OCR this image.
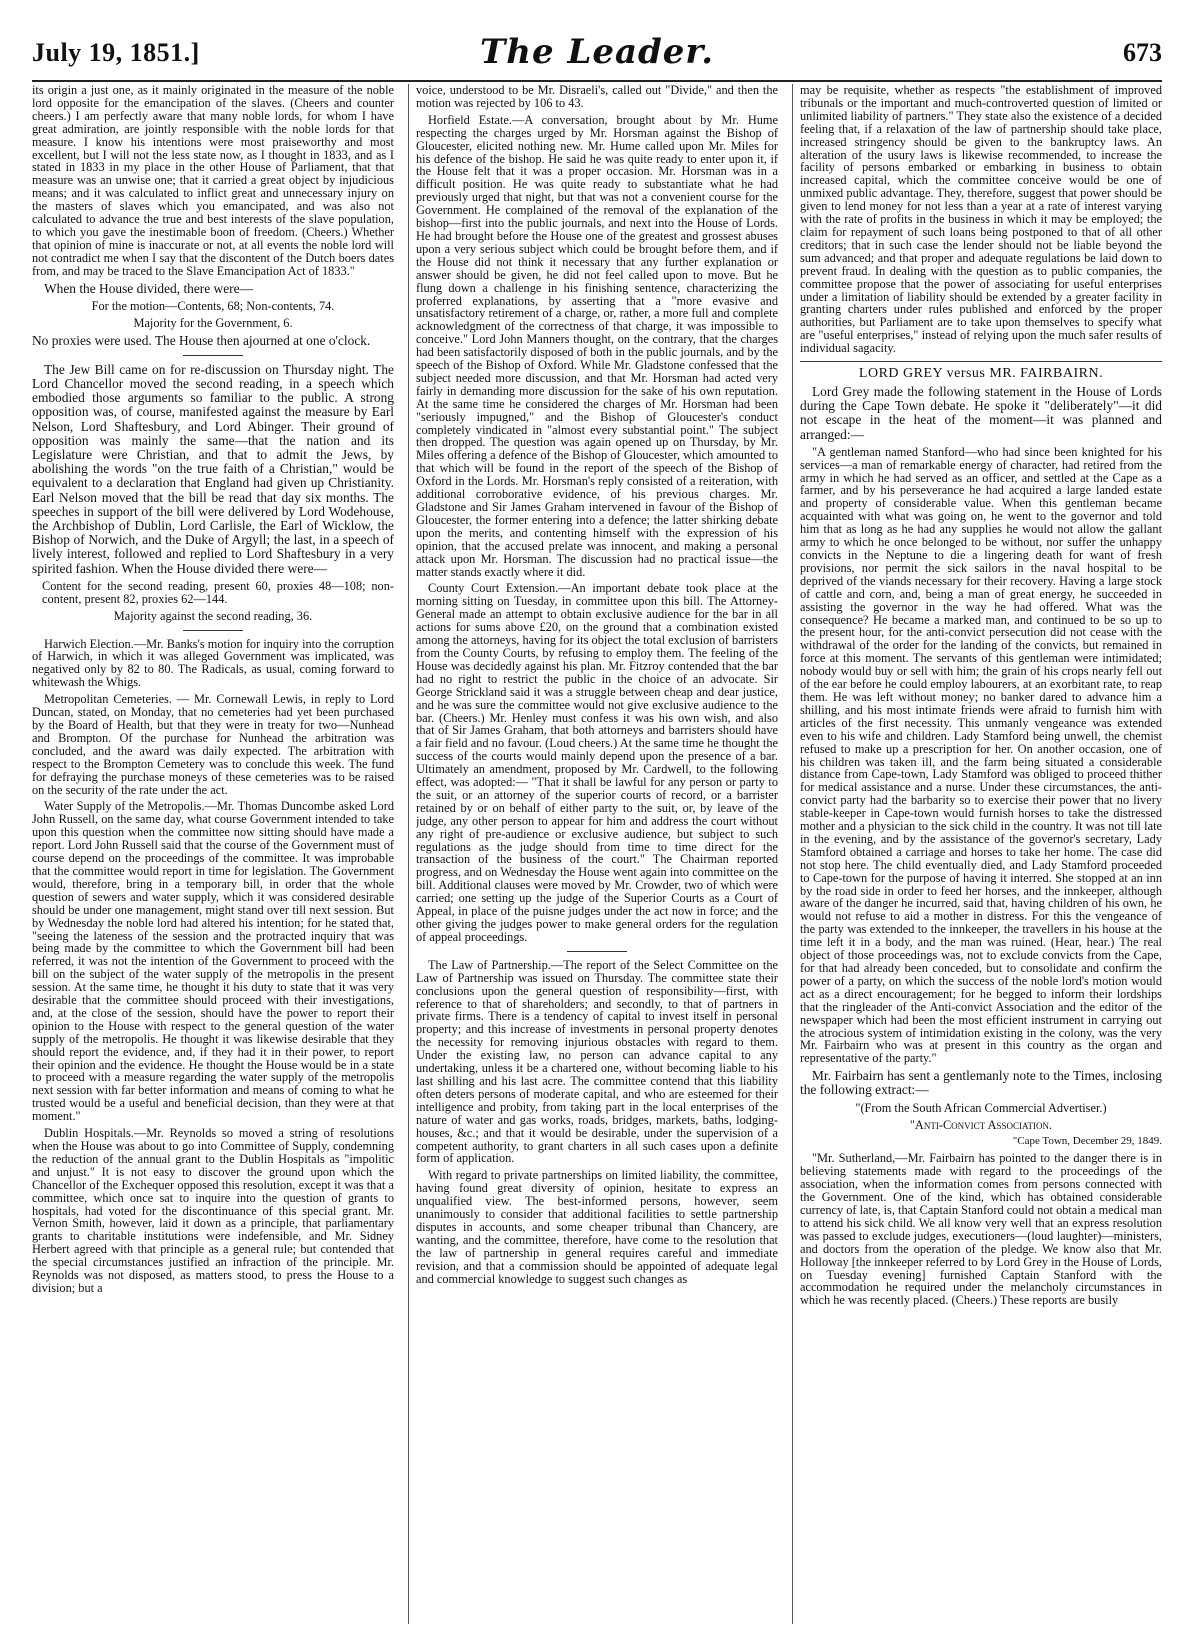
July 19, 1851.]	The Leader.	673

its origin a just one, as it mainly originated in the measure of the noble lord opposite for the emancipation of the slaves. (Cheers and counter cheers.) I am perfectly aware that many noble lords, for whom I have great admiration, are jointly responsible with the noble lords for that measure. I know his intentions were most praiseworthy and most excellent, but I will not the less state now, as I thought in 1833, and as I stated in 1833 in my place in the other House of Parliament, that that measure was an unwise one; that it carried a great object by injudicious means; and it was calculated to inflict great and unnecessary injury on the masters of slaves which you emancipated, and was also not calculated to advance the true and best interests of the slave population, to which you gave the inestimable boon of freedom. (Cheers.) Whether that opinion of mine is inaccurate or not, at all events the noble lord will not contradict me when I say that the discontent of the Dutch boers dates from, and may be traced to the Slave Emancipation Act of 1833."

When the House divided, there were—

For the motion—Contents, 68; Non-contents, 74.

Majority for the Government, 6.

No proxies were used. The House then ajourned at one o'clock.

The Jew Bill came on for re-discussion on Thursday night. The Lord Chancellor moved the second reading, in a speech which embodied those arguments so familiar to the public. A strong opposition was, of course, manifested against the measure by Earl Nelson, Lord Shaftesbury, and Lord Abinger. Their ground of opposition was mainly the same—that the nation and its Legislature were Christian, and that to admit the Jews, by abolishing the words "on the true faith of a Christian," would be equivalent to a declaration that England had given up Christianity. Earl Nelson moved that the bill be read that day six months. The speeches in support of the bill were delivered by Lord Wodehouse, the Archbishop of Dublin, Lord Carlisle, the Earl of Wicklow, the Bishop of Norwich, and the Duke of Argyll; the last, in a speech of lively interest, followed and replied to Lord Shaftesbury in a very spirited fashion. When the House divided there were—

Content for the second reading, present 60, proxies 48—108; non-content, present 82, proxies 62—144.

Majority against the second reading, 36.

Harwich Election.—Mr. Banks's motion for inquiry into the corruption of Harwich, in which it was alleged Government was implicated, was negatived only by 82 to 80. The Radicals, as usual, coming forward to whitewash the Whigs.

Metropolitan Cemeteries. — Mr. Cornewall Lewis, in reply to Lord Duncan, stated, on Monday, that no cemeteries had yet been purchased by the Board of Health, but that they were in treaty for two—Nunhead and Brompton. Of the purchase for Nunhead the arbitration was concluded, and the award was daily expected. The arbitration with respect to the Brompton Cemetery was to conclude this week. The fund for defraying the purchase moneys of these cemeteries was to be raised on the security of the rate under the act.

Water Supply of the Metropolis.—Mr. Thomas Duncombe asked Lord John Russell, on the same day, what course Government intended to take upon this question when the committee now sitting should have made a report. Lord John Russell said that the course of the Government must of course depend on the proceedings of the committee. It was improbable that the committee would report in time for legislation. The Government would, therefore, bring in a temporary bill, in order that the whole question of sewers and water supply, which it was considered desirable should be under one management, might stand over till next session. But by Wednesday the noble lord had altered his intention; for he stated that, "seeing the lateness of the session and the protracted inquiry that was being made by the committee to which the Government bill had been referred, it was not the intention of the Government to proceed with the bill on the subject of the water supply of the metropolis in the present session. At the same time, he thought it his duty to state that it was very desirable that the committee should proceed with their investigations, and, at the close of the session, should have the power to report their opinion to the House with respect to the general question of the water supply of the metropolis. He thought it was likewise desirable that they should report the evidence, and, if they had it in their power, to report their opinion and the evidence. He thought the House would be in a state to proceed with a measure regarding the water supply of the metropolis next session with far better information and means of coming to what he trusted would be a useful and beneficial decision, than they were at that moment."

Dublin Hospitals.—Mr. Reynolds so moved a string of resolutions when the House was about to go into Committee of Supply, condemning the reduction of the annual grant to the Dublin Hospitals as "impolitic and unjust." It is not easy to discover the ground upon which the Chancellor of the Exchequer opposed this resolution, except it was that a committee, which once sat to inquire into the question of grants to hospitals, had voted for the discontinuance of this special grant. Mr. Vernon Smith, however, laid it down as a principle, that parliamentary grants to charitable institutions were indefensible, and Mr. Sidney Herbert agreed with that principle as a general rule; but contended that the special circumstances justified an infraction of the principle. Mr. Reynolds was not disposed, as matters stood, to press the House to a division; but a

voice, understood to be Mr. Disraeli's, called out "Divide," and then the motion was rejected by 106 to 43.

Horfield Estate.—A conversation, brought about by Mr. Hume respecting the charges urged by Mr. Horsman against the Bishop of Gloucester, elicited nothing new. Mr. Hume called upon Mr. Miles for his defence of the bishop. He said he was quite ready to enter upon it, if the House felt that it was a proper occasion. Mr. Horsman was in a difficult position. He was quite ready to substantiate what he had previously urged that night, but that was not a convenient course for the Government. He complained of the removal of the explanation of the bishop—first into the public journals, and next into the House of Lords. He had brought before the House one of the greatest and grossest abuses upon a very serious subject which could be brought before them, and if the House did not think it necessary that any further explanation or answer should be given, he did not feel called upon to move. But he flung down a challenge in his finishing sentence, characterizing the proferred explanations, by asserting that a "more evasive and unsatisfactory retirement of a charge, or, rather, a more full and complete acknowledgment of the correctness of that charge, it was impossible to conceive." Lord John Manners thought, on the contrary, that the charges had been satisfactorily disposed of both in the public journals, and by the speech of the Bishop of Oxford. While Mr. Gladstone confessed that the subject needed more discussion, and that Mr. Horsman had acted very fairly in demanding more discussion for the sake of his own reputation. At the same time he considered the charges of Mr. Horsman had been "seriously impugned," and the Bishop of Gloucester's conduct completely vindicated in "almost every substantial point." The subject then dropped. The question was again opened up on Thursday, by Mr. Miles offering a defence of the Bishop of Gloucester, which amounted to that which will be found in the report of the speech of the Bishop of Oxford in the Lords. Mr. Horsman's reply consisted of a reiteration, with additional corroborative evidence, of his previous charges. Mr. Gladstone and Sir James Graham intervened in favour of the Bishop of Gloucester, the former entering into a defence; the latter shirking debate upon the merits, and contenting himself with the expression of his opinion, that the accused prelate was innocent, and making a personal attack upon Mr. Horsman. The discussion had no practical issue—the matter stands exactly where it did.

County Court Extension.—An important debate took place at the morning sitting on Tuesday, in committee upon this bill. The Attorney-General made an attempt to obtain exclusive audience for the bar in all actions for sums above £20, on the ground that a combination existed among the attorneys, having for its object the total exclusion of barristers from the County Courts, by refusing to employ them. The feeling of the House was decidedly against his plan. Mr. Fitzroy contended that the bar had no right to restrict the public in the choice of an advocate. Sir George Strickland said it was a struggle between cheap and dear justice, and he was sure the committee would not give exclusive audience to the bar. (Cheers.) Mr. Henley must confess it was his own wish, and also that of Sir James Graham, that both attorneys and barristers should have a fair field and no favour. (Loud cheers.) At the same time he thought the success of the courts would mainly depend upon the presence of a bar. Ultimately an amendment, proposed by Mr. Cardwell, to the following effect, was adopted:— "That it shall be lawful for any person or party to the suit, or an attorney of the superior courts of record, or a barrister retained by or on behalf of either party to the suit, or, by leave of the judge, any other person to appear for him and address the court without any right of pre-audience or exclusive audience, but subject to such regulations as the judge should from time to time direct for the transaction of the business of the court." The Chairman reported progress, and on Wednesday the House went again into committee on the bill. Additional clauses were moved by Mr. Crowder, two of which were carried; one setting up the judge of the Superior Courts as a Court of Appeal, in place of the puisne judges under the act now in force; and the other giving the judges power to make general orders for the regulation of appeal proceedings.

The Law of Partnership.—The report of the Select Committee on the Law of Partnership was issued on Thursday. The committee state their conclusions upon the general question of responsibility—first, with reference to that of shareholders; and secondly, to that of partners in private firms. There is a tendency of capital to invest itself in personal property; and this increase of investments in personal property denotes the necessity for removing injurious obstacles with regard to them. Under the existing law, no person can advance capital to any undertaking, unless it be a chartered one, without becoming liable to his last shilling and his last acre. The committee contend that this liability often deters persons of moderate capital, and who are esteemed for their intelligence and probity, from taking part in the local enterprises of the nature of water and gas works, roads, bridges, markets, baths, lodging-houses, &c.; and that it would be desirable, under the supervision of a competent authority, to grant charters in all such cases upon a definite form of application.

With regard to private partnerships on limited liability, the committee, having found great diversity of opinion, hesitate to express an unqualified view. The best-informed persons, however, seem unanimously to consider that additional facilities to settle partnership disputes in accounts, and some cheaper tribunal than Chancery, are wanting, and the committee, therefore, have come to the resolution that the law of partnership in general requires careful and immediate revision, and that a commission should be appointed of adequate legal and commercial knowledge to suggest such changes as

may be requisite, whether as respects "the establishment of improved tribunals or the important and much-controverted question of limited or unlimited liability of partners." They state also the existence of a decided feeling that, if a relaxation of the law of partnership should take place, increased stringency should be given to the bankruptcy laws. An alteration of the usury laws is likewise recommended, to increase the facility of persons embarked or embarking in business to obtain increased capital, which the committee conceive would be one of unmixed public advantage. They, therefore, suggest that power should be given to lend money for not less than a year at a rate of interest varying with the rate of profits in the business in which it may be employed; the claim for repayment of such loans being postponed to that of all other creditors; that in such case the lender should not be liable beyond the sum advanced; and that proper and adequate regulations be laid down to prevent fraud. In dealing with the question as to public companies, the committee propose that the power of associating for useful enterprises under a limitation of liability should be extended by a greater facility in granting charters under rules published and enforced by the proper authorities, but Parliament are to take upon themselves to specify what are "useful enterprises," instead of relying upon the much safer results of individual sagacity.

LORD GREY versus MR. FAIRBAIRN.

Lord Grey made the following statement in the House of Lords during the Cape Town debate. He spoke it "deliberately"—it did not escape in the heat of the moment—it was planned and arranged:—

"A gentleman named Stanford—who had since been knighted for his services—a man of remarkable energy of character, had retired from the army in which he had served as an officer, and settled at the Cape as a farmer, and by his perseverance he had acquired a large landed estate and property of considerable value. When this gentleman became acquainted with what was going on, he went to the governor and told him that as long as he had any supplies he would not allow the gallant army to which he once belonged to be without, nor suffer the unhappy convicts in the Neptune to die a lingering death for want of fresh provisions, nor permit the sick sailors in the naval hospital to be deprived of the viands necessary for their recovery. Having a large stock of cattle and corn, and, being a man of great energy, he succeeded in assisting the governor in the way he had offered. What was the consequence? He became a marked man, and continued to be so up to the present hour, for the anti-convict persecution did not cease with the withdrawal of the order for the landing of the convicts, but remained in force at this moment. The servants of this gentleman were intimidated; nobody would buy or sell with him; the grain of his crops nearly fell out of the ear before he could employ labourers, at an exorbitant rate, to reap them. He was left without money; no banker dared to advance him a shilling, and his most intimate friends were afraid to furnish him with articles of the first necessity. This unmanly vengeance was extended even to his wife and children. Lady Stamford being unwell, the chemist refused to make up a prescription for her. On another occasion, one of his children was taken ill, and the farm being situated a considerable distance from Cape-town, Lady Stamford was obliged to proceed thither for medical assistance and a nurse. Under these circumstances, the anti-convict party had the barbarity so to exercise their power that no livery stable-keeper in Cape-town would furnish horses to take the distressed mother and a physician to the sick child in the country. It was not till late in the evening, and by the assistance of the governor's secretary, Lady Stamford obtained a carriage and horses to take her home. The case did not stop here. The child eventually died, and Lady Stamford proceeded to Cape-town for the purpose of having it interred. She stopped at an inn by the road side in order to feed her horses, and the innkeeper, although aware of the danger he incurred, said that, having children of his own, he would not refuse to aid a mother in distress. For this the vengeance of the party was extended to the innkeeper, the travellers in his house at the time left it in a body, and the man was ruined. (Hear, hear.) The real object of those proceedings was, not to exclude convicts from the Cape, for that had already been conceded, but to consolidate and confirm the power of a party, on which the success of the noble lord's motion would act as a direct encouragement; for he begged to inform their lordships that the ringleader of the Anti-convict Association and the editor of the newspaper which had been the most efficient instrument in carrying out the atrocious system of intimidation existing in the colony, was the very Mr. Fairbairn who was at present in this country as the organ and representative of the party."

Mr. Fairbairn has sent a gentlemanly note to the Times, inclosing the following extract:—

"(From the South African Commercial Advertiser.)

"Anti-Convict Association.

"Cape Town, December 29, 1849.

"Mr. Sutherland,—Mr. Fairbairn has pointed to the danger there is in believing statements made with regard to the proceedings of the association, when the information comes from persons connected with the Government. One of the kind, which has obtained considerable currency of late, is, that Captain Stanford could not obtain a medical man to attend his sick child. We all know very well that an express resolution was passed to exclude judges, executioners—(loud laughter)—ministers, and doctors from the operation of the pledge. We know also that Mr. Holloway [the innkeeper referred to by Lord Grey in the House of Lords, on Tuesday evening] furnished Captain Stanford with the accommodation he required under the melancholy circumstances in which he was recently placed. (Cheers.) These reports are busily
